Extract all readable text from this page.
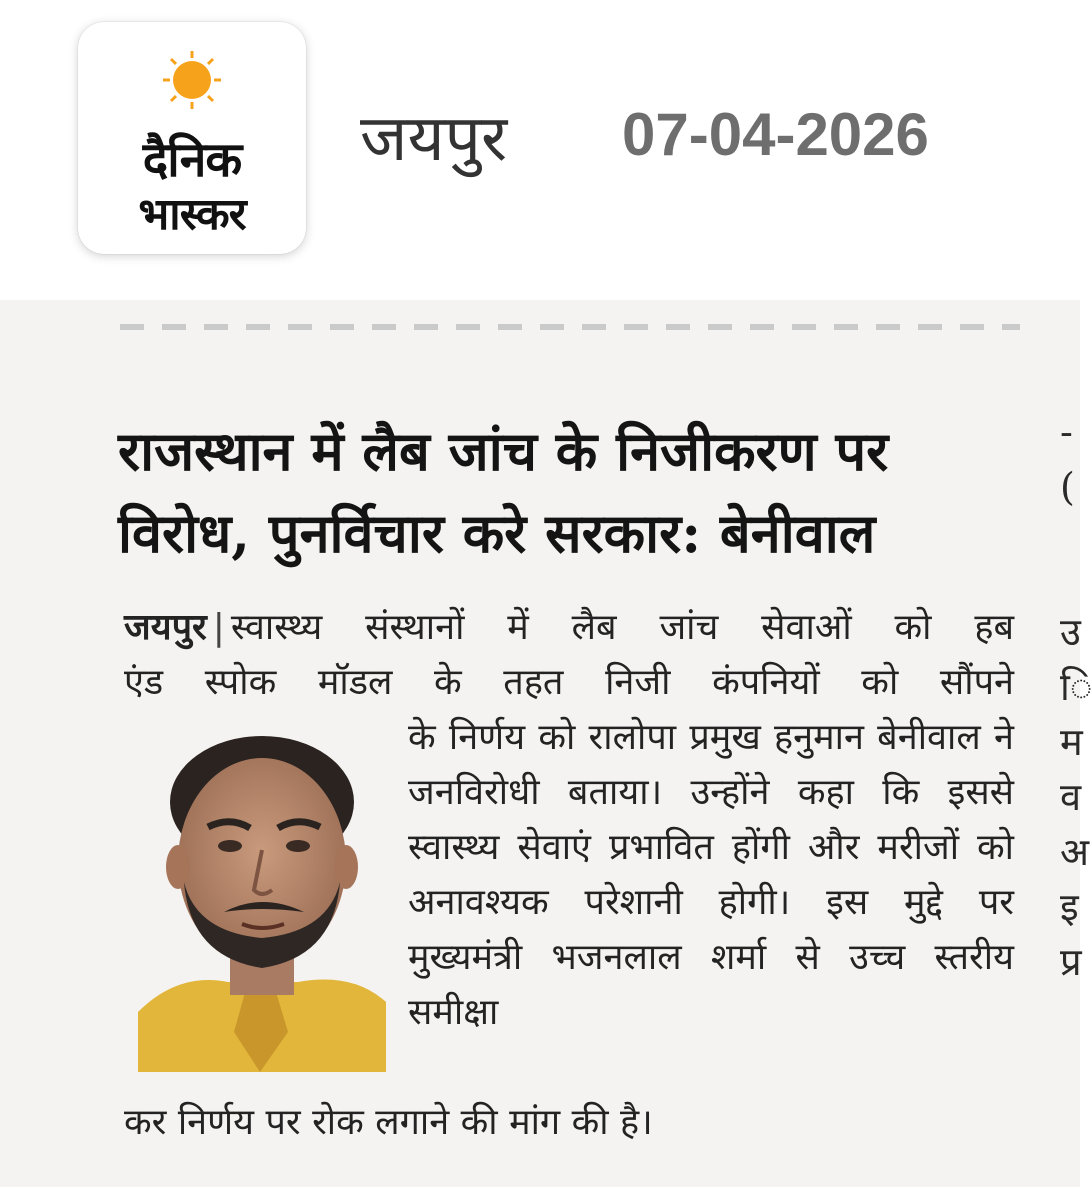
दैनिक
भास्कर
जयपुर 07-04-2026
राजस्थान में लैब जांच के निजीकरण पर
विरोध, पुनर्विचार करे सरकार: बेनीवाल
जयपुर | स्वास्थ्य संस्थानों में लैब जांच सेवाओं को हब
एंड स्पोक मॉडल के तहत निजी कंपनियों को सौंपने
के निर्णय को रालोपा प्रमुख हनुमान बेनीवाल ने जनविरोधी बताया। उन्होंने कहा कि इससे स्वास्थ्य सेवाएं प्रभावित होंगी और मरीजों को अनावश्यक परेशानी होगी। इस मुद्दे पर मुख्यमंत्री भजनलाल शर्मा से उच्च स्तरीय समीक्षा
कर निर्णय पर रोक लगाने की मांग की है।
-
(
उ
ि
म
व
अ
इ
प्र
